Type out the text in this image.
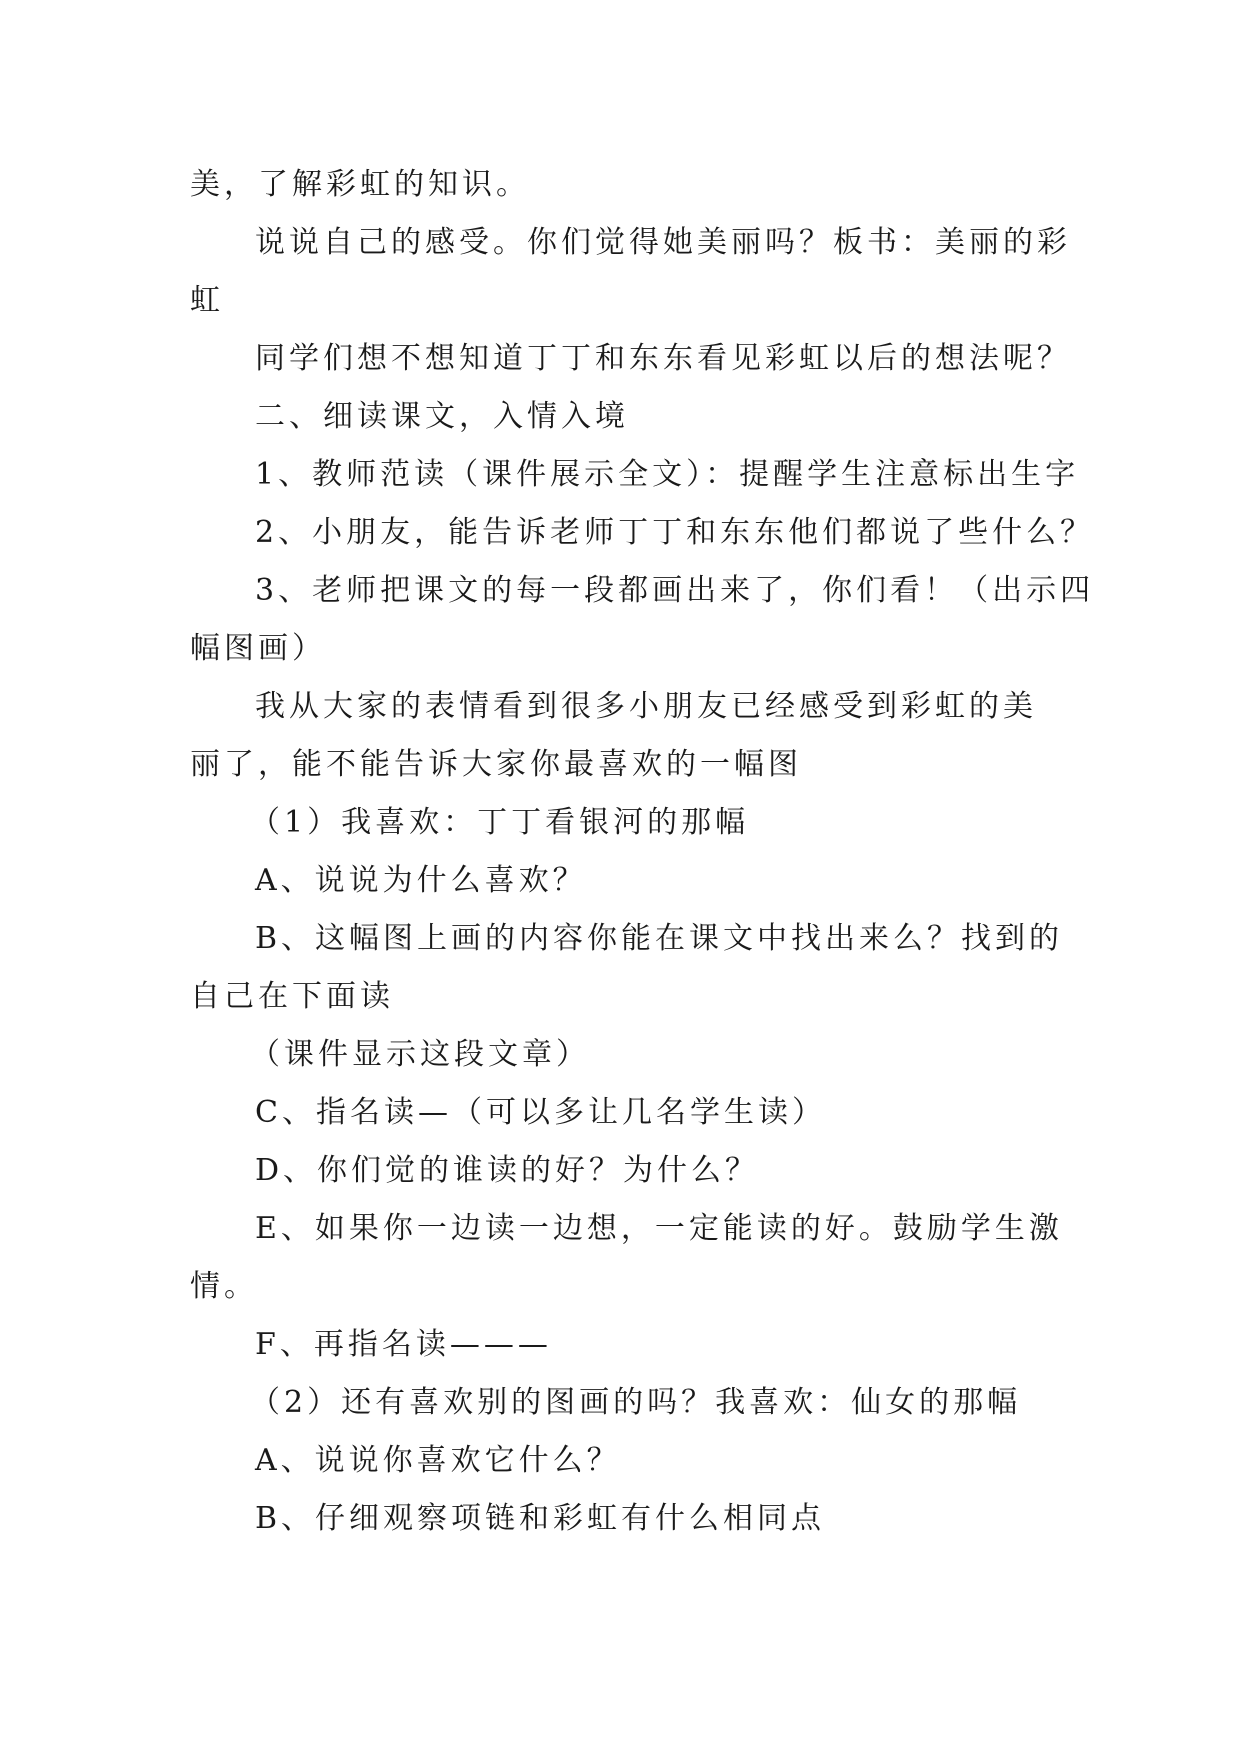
美，了解彩虹的知识。
说说自己的感受。你们觉得她美丽吗？板书：美丽的彩
虹
同学们想不想知道丁丁和东东看见彩虹以后的想法呢？
二、细读课文，入情入境
1、教师范读（课件展示全文）：提醒学生注意标出生字
2、小朋友，能告诉老师丁丁和东东他们都说了些什么？
3、老师把课文的每一段都画出来了，你们看！（出示四
幅图画）
我从大家的表情看到很多小朋友已经感受到彩虹的美
丽了，能不能告诉大家你最喜欢的一幅图
（1）我喜欢：丁丁看银河的那幅
A、说说为什么喜欢？
B、这幅图上画的内容你能在课文中找出来么？找到的
自己在下面读
（课件显示这段文章）
C、指名读—（可以多让几名学生读）
D、你们觉的谁读的好？为什么？
E、如果你一边读一边想，一定能读的好。鼓励学生激
情。
F、再指名读———
（2）还有喜欢别的图画的吗？我喜欢：仙女的那幅
A、说说你喜欢它什么？
B、仔细观察项链和彩虹有什么相同点
